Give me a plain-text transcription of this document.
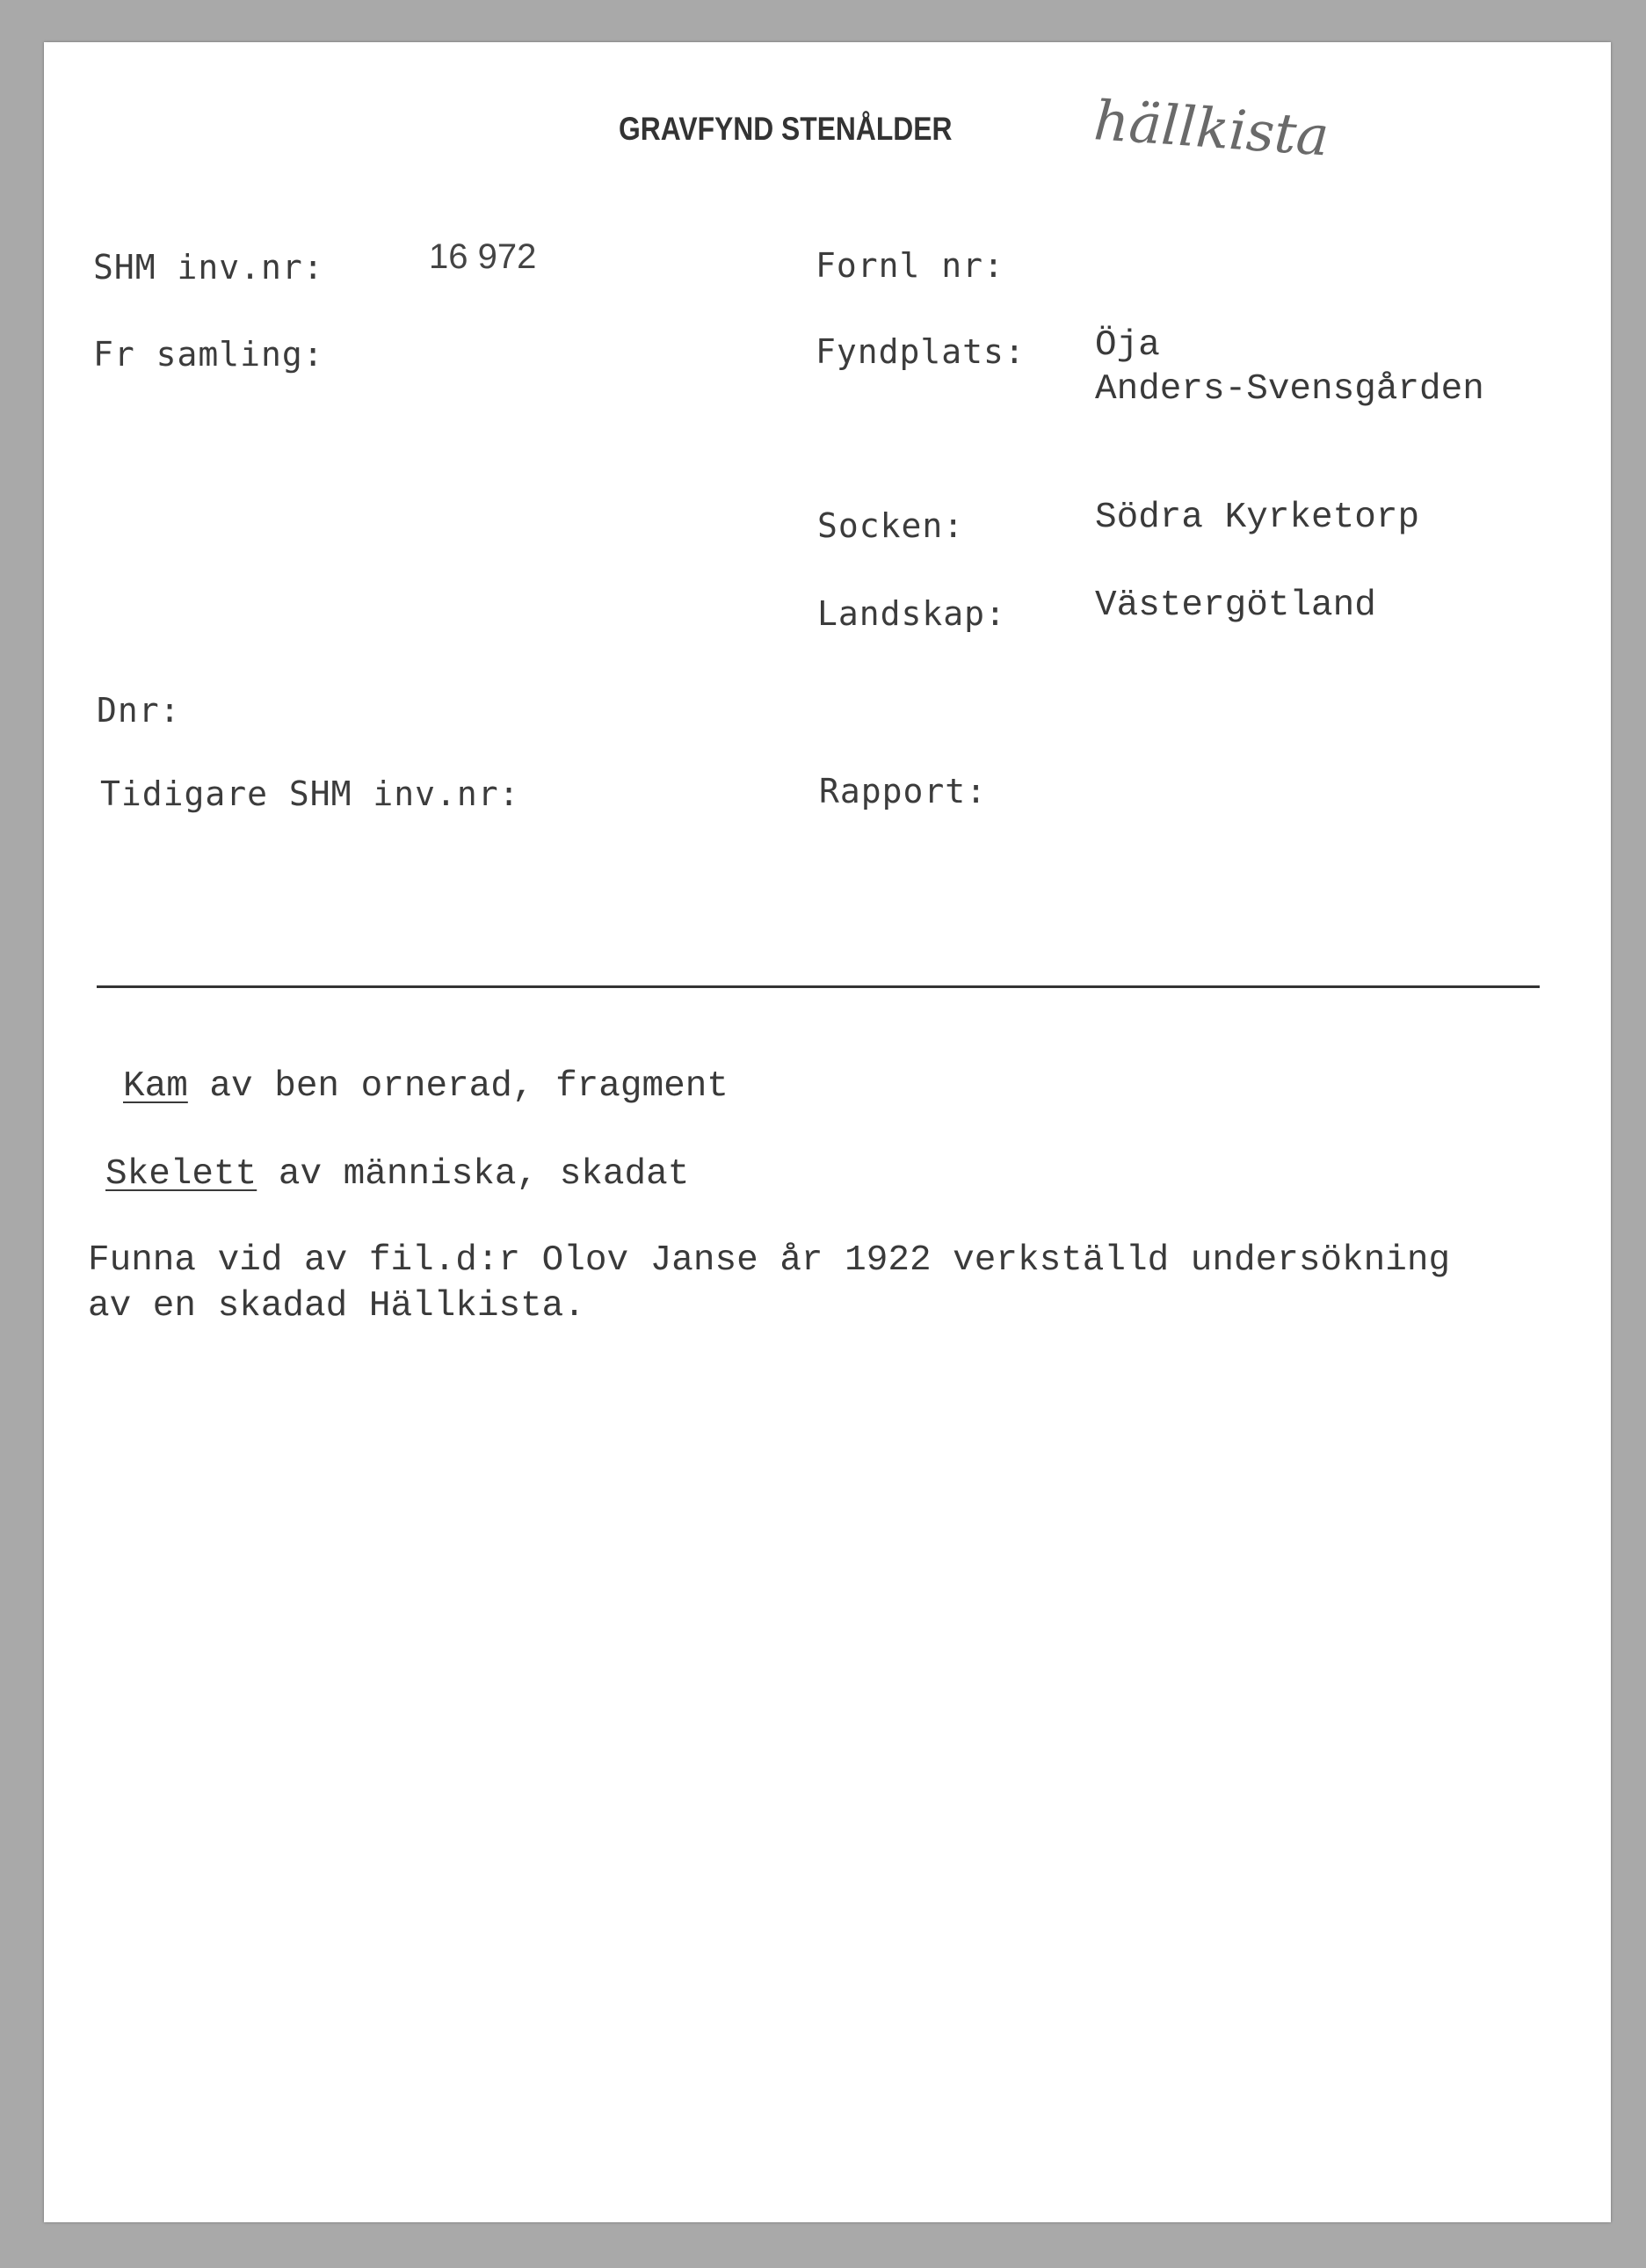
GRAVFYND STENÅLDER	hällkista
SHM inv.nr:	16 972
Fr samling:
Dnr:
Tidigare SHM inv.nr:
Fornl nr:
Fyndplats: Öja
Anders-Svensgården
Socken:	Södra Kyrketorp
Landskap: Västergötland
Rapport:
Kam av ben ornerad, fragment
Skelett av människa, skadat
Funna vid av fil.d:r Olov Janse år 1922 verkställd undersökning
av en skadad Hällkista.
